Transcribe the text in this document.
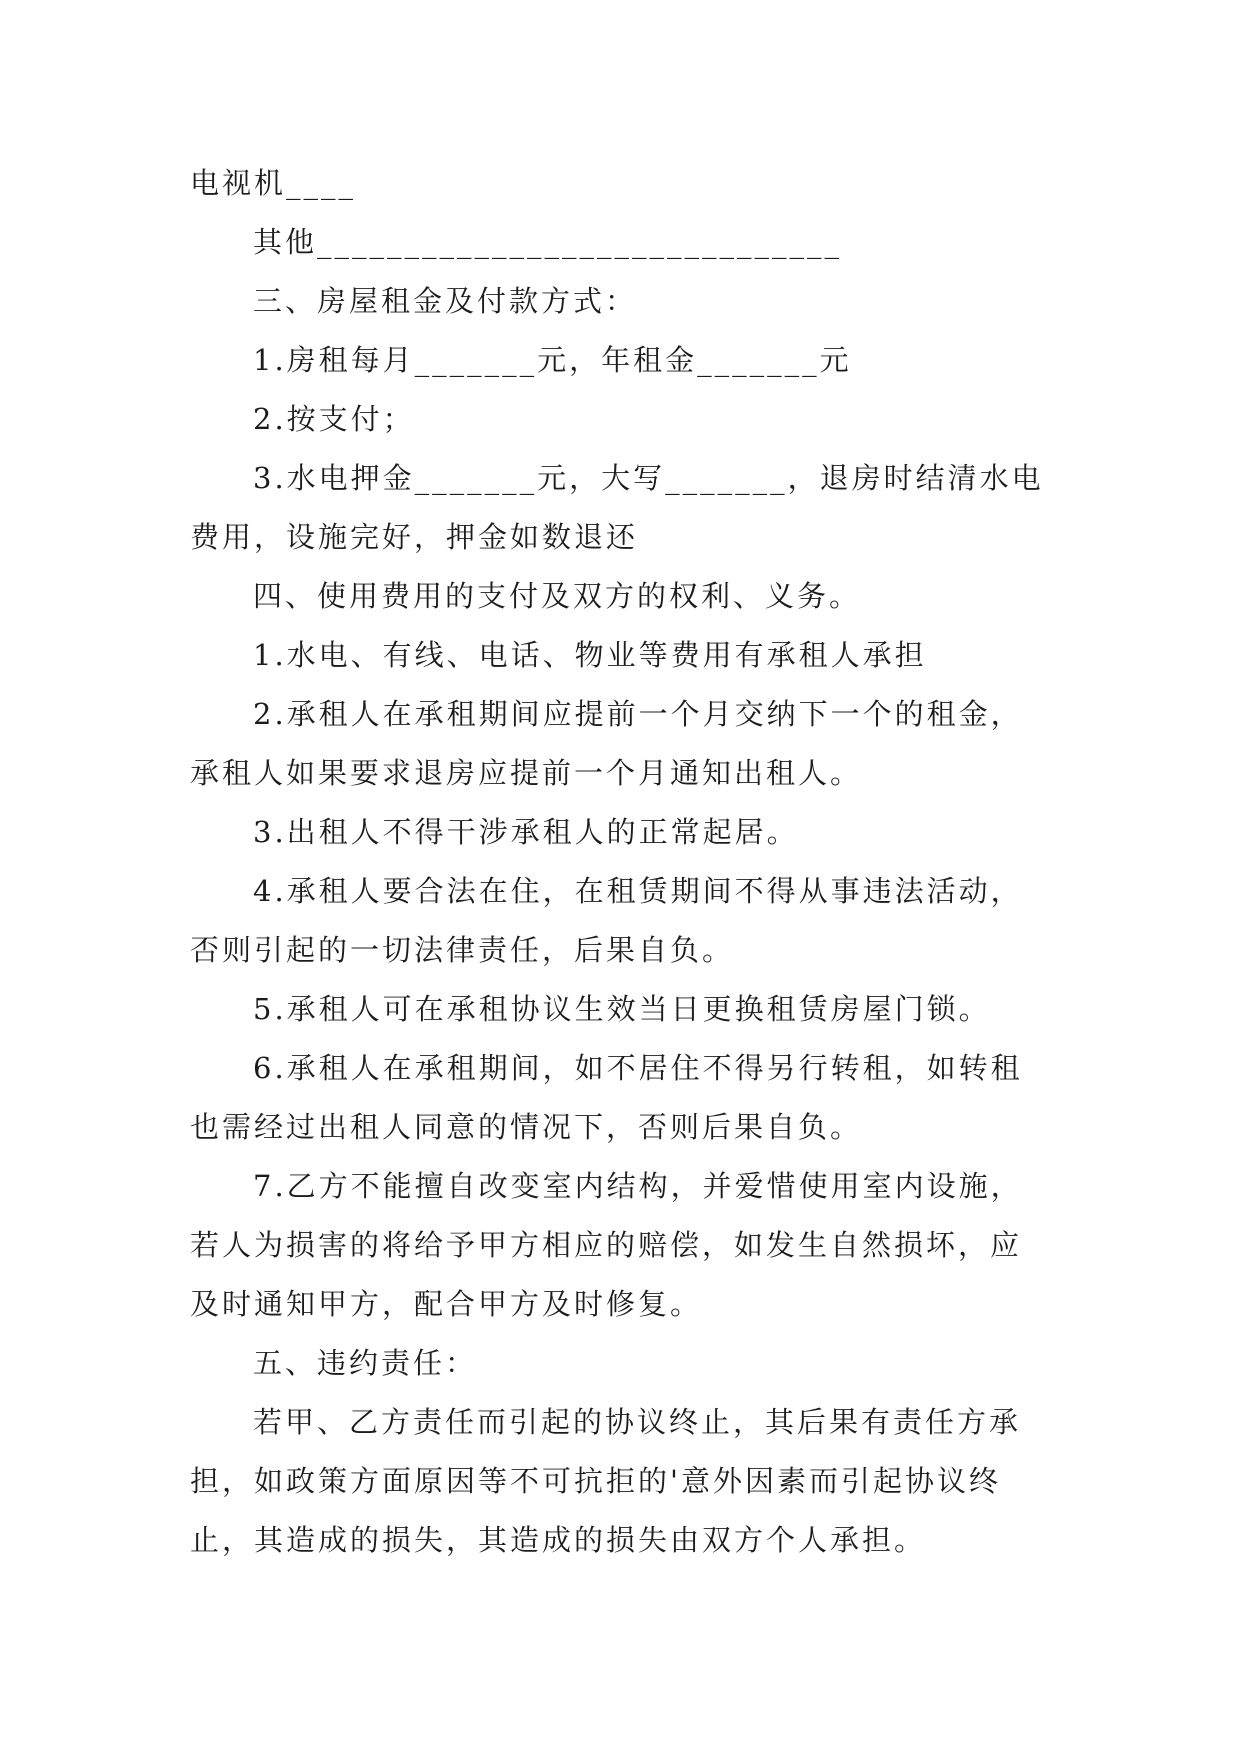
电视机____
其他______________________________
三、房屋租金及付款方式：
1.房租每月_______元，年租金_______元
2.按支付；
3.水电押金_______元，大写_______，退房时结清水电
费用，设施完好，押金如数退还
四、使用费用的支付及双方的权利、义务。
1.水电、有线、电话、物业等费用有承租人承担
2.承租人在承租期间应提前一个月交纳下一个的租金，
承租人如果要求退房应提前一个月通知出租人。
3.出租人不得干涉承租人的正常起居。
4.承租人要合法在住，在租赁期间不得从事违法活动，
否则引起的一切法律责任，后果自负。
5.承租人可在承租协议生效当日更换租赁房屋门锁。
6.承租人在承租期间，如不居住不得另行转租，如转租
也需经过出租人同意的情况下，否则后果自负。
7.乙方不能擅自改变室内结构，并爱惜使用室内设施，
若人为损害的将给予甲方相应的赔偿，如发生自然损坏，应
及时通知甲方，配合甲方及时修复。
五、违约责任：
若甲、乙方责任而引起的协议终止，其后果有责任方承
担，如政策方面原因等不可抗拒的'意外因素而引起协议终
止，其造成的损失，其造成的损失由双方个人承担。
